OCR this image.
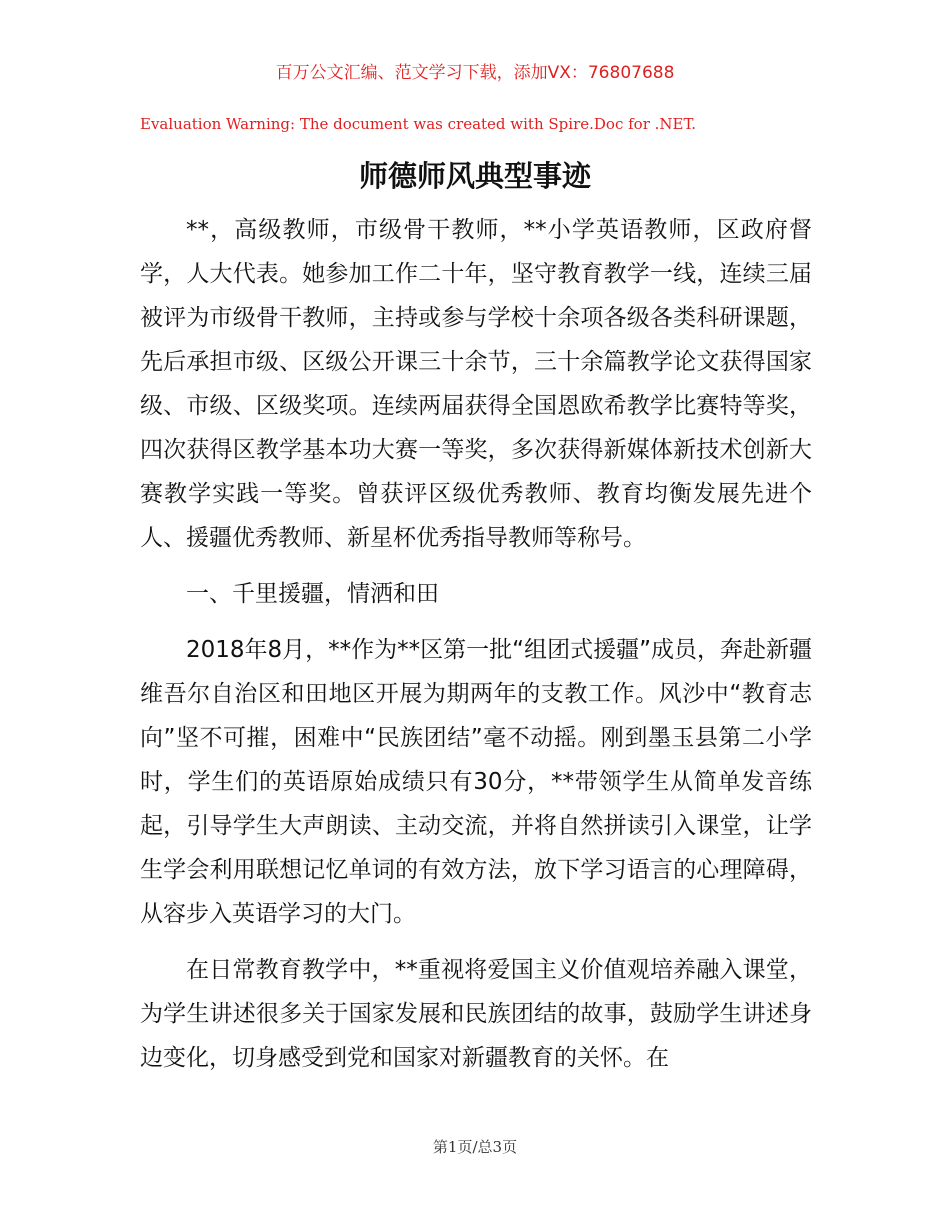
百万公文汇编、范文学习下载，添加VX：76807688
Evaluation Warning: The document was created with Spire.Doc for .NET.
师德师风典型事迹

**，高级教师，市级骨干教师，**小学英语教师，区政府督学，人大代表。她参加工作二十年，坚守教育教学一线，连续三届被评为市级骨干教师，主持或参与学校十余项各级各类科研课题，先后承担市级、区级公开课三十余节，三十余篇教学论文获得国家级、市级、区级奖项。连续两届获得全国恩欧希教学比赛特等奖，四次获得区教学基本功大赛一等奖，多次获得新媒体新技术创新大赛教学实践一等奖。曾获评区级优秀教师、教育均衡发展先进个人、援疆优秀教师、新星杯优秀指导教师等称号。

一、千里援疆，情洒和田

2018年8月，**作为**区第一批“组团式援疆”成员，奔赴新疆维吾尔自治区和田地区开展为期两年的支教工作。风沙中“教育志向”坚不可摧，困难中“民族团结”毫不动摇。刚到墨玉县第二小学时，学生们的英语原始成绩只有30分，**带领学生从简单发音练起，引导学生大声朗读、主动交流，并将自然拼读引入课堂，让学生学会利用联想记忆单词的有效方法，放下学习语言的心理障碍，从容步入英语学习的大门。

在日常教育教学中，**重视将爱国主义价值观培养融入课堂，为学生讲述很多关于国家发展和民族团结的故事，鼓励学生讲述身边变化，切身感受到党和国家对新疆教育的关怀。在

第1页/总3页
